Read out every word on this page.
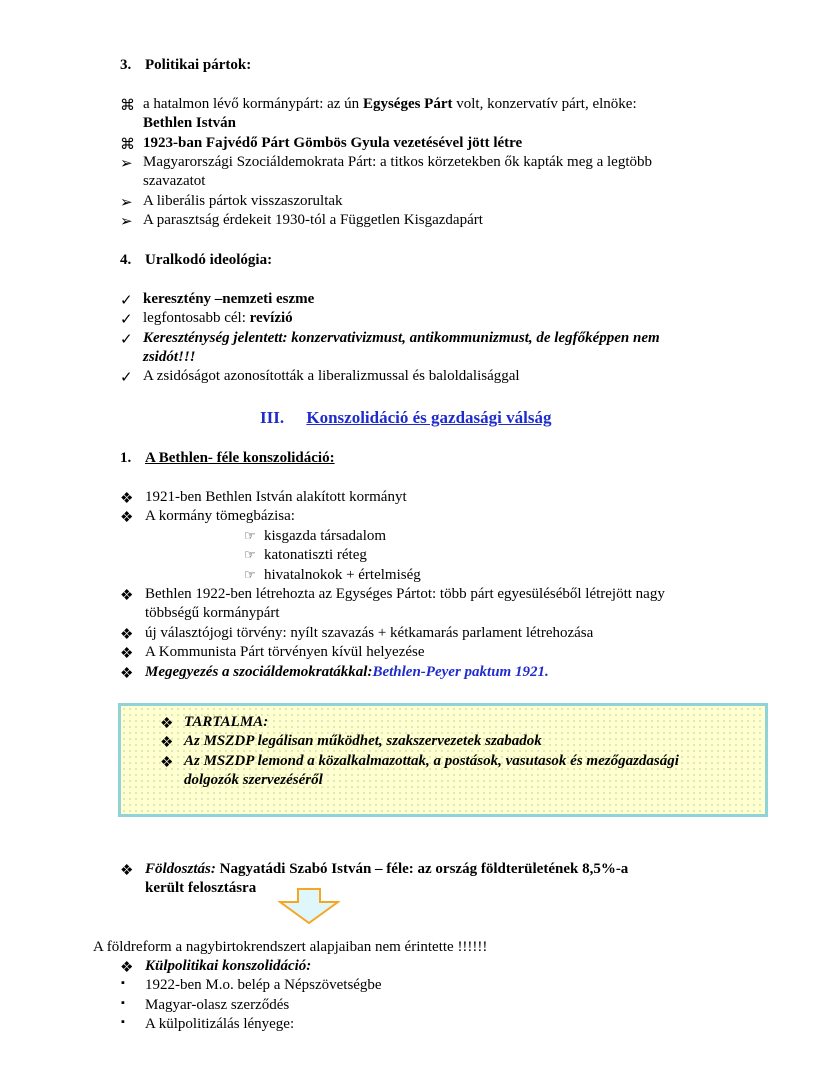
3. Politikai pártok:
⌘ a hatalmon lévő kormánypárt: az ún Egységes Párt volt, konzervatív párt, elnöke:
Bethlen István
⌘ 1923-ban Fajvédő Párt Gömbös Gyula vezetésével jött létre
➢ Magyarországi Szociáldemokrata Párt: a titkos körzetekben ők kapták meg a legtöbb
szavazatot
➢ A liberális pártok visszaszorultak
➢ A parasztság érdekeit 1930-tól a Független Kisgazdapárt
4. Uralkodó ideológia:
✓ keresztény –nemzeti eszme
✓ legfontosabb cél: revízió
✓ Kereszténység jelentett: konzervativizmust, antikommunizmust, de legfőképpen nem
zsidót!!!
✓ A zsidóságot azonosították a liberalizmussal és baloldalisággal
III. Konszolidáció és gazdasági válság
1. A Bethlen- féle konszolidáció:
❖ 1921-ben Bethlen István alakított kormányt
❖ A kormány tömegbázisa:
☞ kisgazda társadalom
☞ katonatiszti réteg
☞ hivatalnokok + értelmiség
❖ Bethlen 1922-ben létrehozta az Egységes Pártot: több párt egyesüléséből létrejött nagy
többségű kormánypárt
❖ új választójogi törvény: nyílt szavazás + kétkamarás parlament létrehozása
❖ A Kommunista Párt törvényen kívül helyezése
❖ Megegyezés a szociáldemokratákkal:Bethlen-Peyer paktum 1921.
❖ TARTALMA:
❖ Az MSZDP legálisan működhet, szakszervezetek szabadok
❖ Az MSZDP lemond a közalkalmazottak, a postások, vasutasok és mezőgazdasági
dolgozók szervezéséről
❖ Földosztás: Nagyatádi Szabó István – féle: az ország földterületének 8,5%-a
került felosztásra
A földreform a nagybirtokrendszert alapjaiban nem érintette !!!!!!
❖ Külpolitikai konszolidáció:
▪ 1922-ben M.o. belép a Népszövetségbe
▪ Magyar-olasz szerződés
▪ A külpolitizálás lényege:
